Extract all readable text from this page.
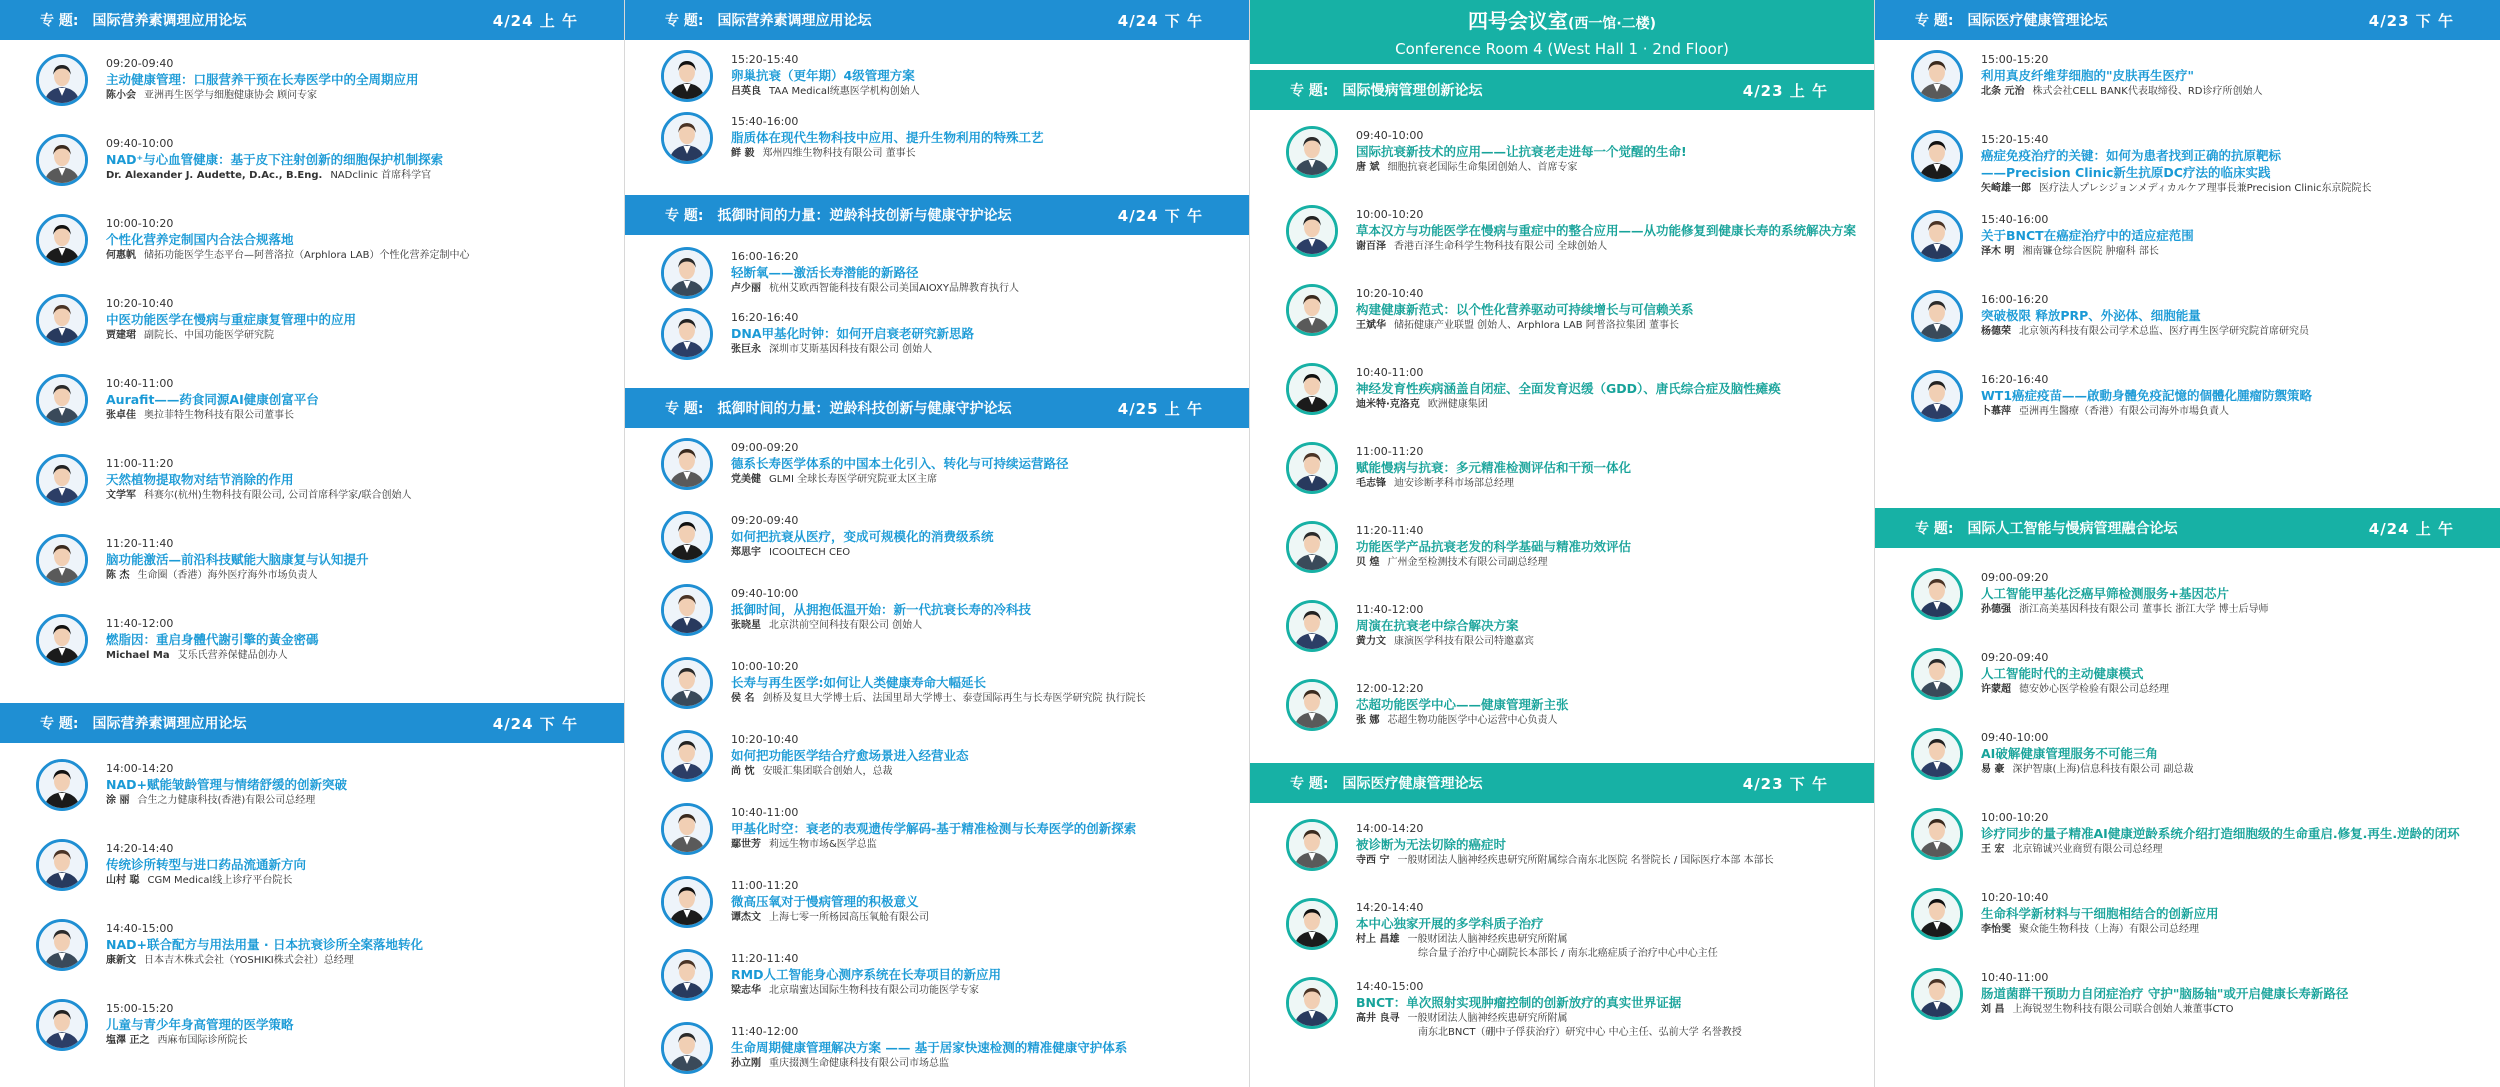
专 题: 国际营养素调理应用论坛	4/24 上 午
09:20-09:40
主动健康管理：口服营养干预在长寿医学中的全周期应用
陈小会 亚洲再生医学与细胞健康协会 顾问专家
09:40-10:00
NAD⁺与心血管健康：基于皮下注射创新的细胞保护机制探索
Dr. Alexander J. Audette, D.Ac., B.Eng. NADclinic 首席科学官
10:00-10:20
个性化营养定制国内合法合规落地
何惠帆 储拓功能医学生态平台—阿普洛拉（Arphlora LAB）个性化营养定制中心
10:20-10:40
中医功能医学在慢病与重症康复管理中的应用
贾建珺 副院长、中国功能医学研究院
10:40-11:00
Aurafit——药食同源AI健康创富平台
张卓佳 奥拉菲特生物科技有限公司董事长
11:00-11:20
天然植物提取物对结节消除的作用
文学军 科赛尔(杭州)生物科技有限公司, 公司首席科学家/联合创始人
11:20-11:40
脑功能激活—前沿科技赋能大脑康复与认知提升
陈 杰 生命圈（香港）海外医疗海外市场负责人
11:40-12:00
燃脂因：重启身體代謝引擎的黃金密碼
Michael Ma 艾乐氏营养保健品创办人
专 题: 国际营养素调理应用论坛	4/24 下 午
14:00-14:20
NAD+赋能皱龄管理与情绪舒缓的创新突破
涂 丽 合生之力健康科技(香港)有限公司总经理
14:20-14:40
传统诊所转型与进口药品流通新方向
山村 聪 CGM Medical线上诊疗平台院长
14:40-15:00
NAD+联合配方与用法用量 · 日本抗衰诊所全案落地转化
康新文 日本吉木株式会社（YOSHIKI株式会社）总经理
15:00-15:20
儿童与青少年身高管理的医学策略
塩澤 正之 西麻布国际诊所院长
专 题: 国际营养素调理应用论坛	4/24 下 午
15:20-15:40
卵巢抗衰（更年期）4级管理方案
吕英良 TAA Medical统惠医学机构创始人
15:40-16:00
脂质体在现代生物科技中应用、提升生物利用的特殊工艺
鲜 毅 郑州四维生物科技有限公司 董事长
专 题: 抵御时间的力量：逆龄科技创新与健康守护论坛	4/24 下 午
16:00-16:20
轻断氧——激活长寿潜能的新路径
卢少丽 杭州艾欧西智能科技有限公司美国AIOXY品牌教育执行人
16:20-16:40
DNA甲基化时钟：如何开启衰老研究新思路
张巨永 深圳市艾斯基因科技有限公司 创始人
专 题: 抵御时间的力量：逆龄科技创新与健康守护论坛	4/25 上 午
09:00-09:20
德系长寿医学体系的中国本土化引入、转化与可持续运营路径
党美健 GLMI 全球长寿医学研究院亚太区主席
09:20-09:40
如何把抗衰从医疗，变成可规模化的消费级系统
郑思宇 ICOOLTECH CEO
09:40-10:00
抵御时间，从拥抱低温开始：新一代抗衰长寿的冷科技
张晓星 北京洪前空间科技有限公司 创始人
10:00-10:20
长寿与再生医学:如何让人类健康寿命大幅延长
侯 名 剑桥及复旦大学博士后、法国里昂大学博士、泰壹国际再生与长寿医学研究院 执行院长
10:20-10:40
如何把功能医学结合疗愈场景进入经营业态
尚 忱 安暖汇集团联合创始人，总裁
10:40-11:00
甲基化时空：衰老的表观遗传学解码-基于精准检测与长寿医学的创新探索
鄢世芳 莉远生物市场&医学总监
11:00-11:20
微高压氧对于慢病管理的积极意义
谭杰文 上海七零一所杨园高压氧舱有限公司
11:20-11:40
RMD人工智能身心测序系统在长寿项目的新应用
梁志华 北京瑞蜜达国际生物科技有限公司功能医学专家
11:40-12:00
生命周期健康管理解决方案 —— 基于居家快速检测的精准健康守护体系
孙立刚 重庆掇测生命健康科技有限公司市场总监
四号会议室(西一馆·二楼)
Conference Room 4 (West Hall 1 · 2nd Floor)
专 题: 国际慢病管理创新论坛	4/23 上 午
09:40-10:00
国际抗衰新技术的应用——让抗衰老走进每一个觉醒的生命!
唐 斌 细胞抗衰老国际生命集团创始人、首席专家
10:00-10:20
草本汉方与功能医学在慢病与重症中的整合应用——从功能修复到健康长寿的系统解决方案
谢百泽 香港百泽生命科学生物科技有限公司 全球创始人
10:20-10:40
构建健康新范式：以个性化营养驱动可持续增长与可信赖关系
王斌华 储拓健康产业联盟 创始人、Arphlora LAB 阿普洛拉集团 董事长
10:40-11:00
神经发育性疾病涵盖自闭症、全面发育迟缓（GDD）、唐氏综合症及脑性瘫痪
迪米特·克洛克 欧洲健康集团
11:00-11:20
赋能慢病与抗衰：多元精准检测评估和干预一体化
毛志锋 迪安诊断孝科市场部总经理
11:20-11:40
功能医学产品抗衰老发的科学基础与精准功效评估
贝 煌 广州金至检测技术有限公司副总经理
11:40-12:00
周演在抗衰老中综合解决方案
黄力文 康演医学科技有限公司特邀嘉宾
12:00-12:20
芯超功能医学中心——健康管理新主张
张 娜 芯超生物功能医学中心运营中心负责人
专 题: 国际医疗健康管理论坛	4/23 下 午
14:00-14:20
被诊断为无法切除的癌症时
寺西 宁 一般财团法人脑神经疾患研究所附属综合南东北医院 名誉院长 / 国际医疗本部 本部长
14:20-14:40
本中心独家开展的多学科质子治疗
村上 昌雄 一般财团法人脑神经疾患研究所附属
综合量子治疗中心副院长本部长 / 南东北癌症质子治疗中心中心主任
14:40-15:00
BNCT：单次照射实现肿瘤控制的创新放疗的真实世界证据
高井 良寻 一般财团法人脑神经疾患研究所附属
南东北BNCT（硼中子俘获治疗）研究中心 中心主任、弘前大学 名誉教授
专 题: 国际医疗健康管理论坛	4/23 下 午
15:00-15:20
利用真皮纤维芽细胞的"皮肤再生医疗"
北条 元治 株式会社CELL BANK代表取缔役、RD诊疗所创始人
15:20-15:40
癌症免疫治疗的关键：如何为患者找到正确的抗原靶标
——Precision Clinic新生抗原DC疗法的临床实践
矢崎雄一郎 医疗法人プレシジョンメディカルケア理事長兼Precision Clinic东京院院长
15:40-16:00
关于BNCT在癌症治疗中的适应症范围
泽木 明 湘南镰仓综合医院 肿瘤科 部长
16:00-16:20
突破极限 释放PRP、外泌体、细胞能量
杨德荣 北京领芮科技有限公司学术总监、医疗再生医学研究院首席研究员
16:20-16:40
WT1癌症疫苗——啟動身體免疫記憶的個體化腫瘤防禦策略
卜慕萍 亞洲再生醫療（香港）有限公司海外市場負責人
专 题: 国际人工智能与慢病管理融合论坛	4/24 上 午
09:00-09:20
人工智能甲基化泛癌早筛检测服务+基因芯片
孙德强 浙江高美基因科技有限公司 董事长 浙江大学 博士后导师
09:20-09:40
人工智能时代的主动健康模式
许蒙超 德安妙心医学检验有限公司总经理
09:40-10:00
AI破解健康管理服务不可能三角
易 豪 深护智康(上海)信息科技有限公司 副总裁
10:00-10:20
诊疗同步的量子精准AI健康逆龄系统介绍打造细胞级的生命重启.修复.再生.逆龄的闭环
王 宏 北京锦诚兴业商贸有限公司总经理
10:20-10:40
生命科学新材料与干细胞相结合的创新应用
李怡雯 聚众能生物科技（上海）有限公司总经理
10:40-11:00
肠道菌群干预助力自闭症治疗 守护"脑肠轴"或开启健康长寿新路径
刘 昌 上海锐翌生物科技有限公司联合创始人兼董事CTO
